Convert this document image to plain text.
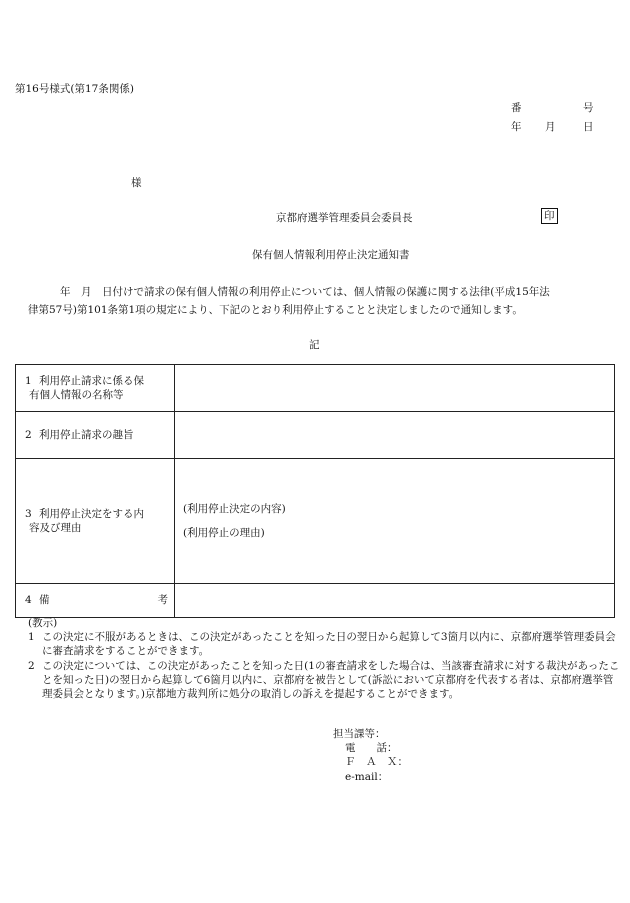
第16号様式(第17条関係)
番	号
年 月	日
様
京都府選挙管理委員会委員長	印
保有個人情報利用停止決定通知書
年　月　日付けで請求の保有個人情報の利用停止については、個人情報の保護に関する法律(平成15年法
律第57号)第101条第1項の規定により、下記のとおり利用停止することと決定しましたので通知します。
記
1 利用停止請求に係る保
有個人情報の名称等	

2 利用停止請求の趣旨	

3 利用停止決定をする内
容及び理由	(利用停止決定の内容)
(利用停止の理由)

4 備 考	

(教示)

1 この決定に不服があるときは、この決定があったことを知った日の翌日から起算して3箇月以内に、京都府選挙管理委員会に審査請求をすることができます。

2 この決定については、この決定があったことを知った日(1の審査請求をした場合は、当該審査請求に対する裁決があったことを知った日)の翌日から起算して6箇月以内に、京都府を被告として(訴訟において京都府を代表する者は、京都府選挙管理委員会となります。)京都地方裁判所に処分の取消しの訴えを提起することができます。

担当課等：
電　　話：
Ｆ　Ａ　Ｘ：
e-mail：
